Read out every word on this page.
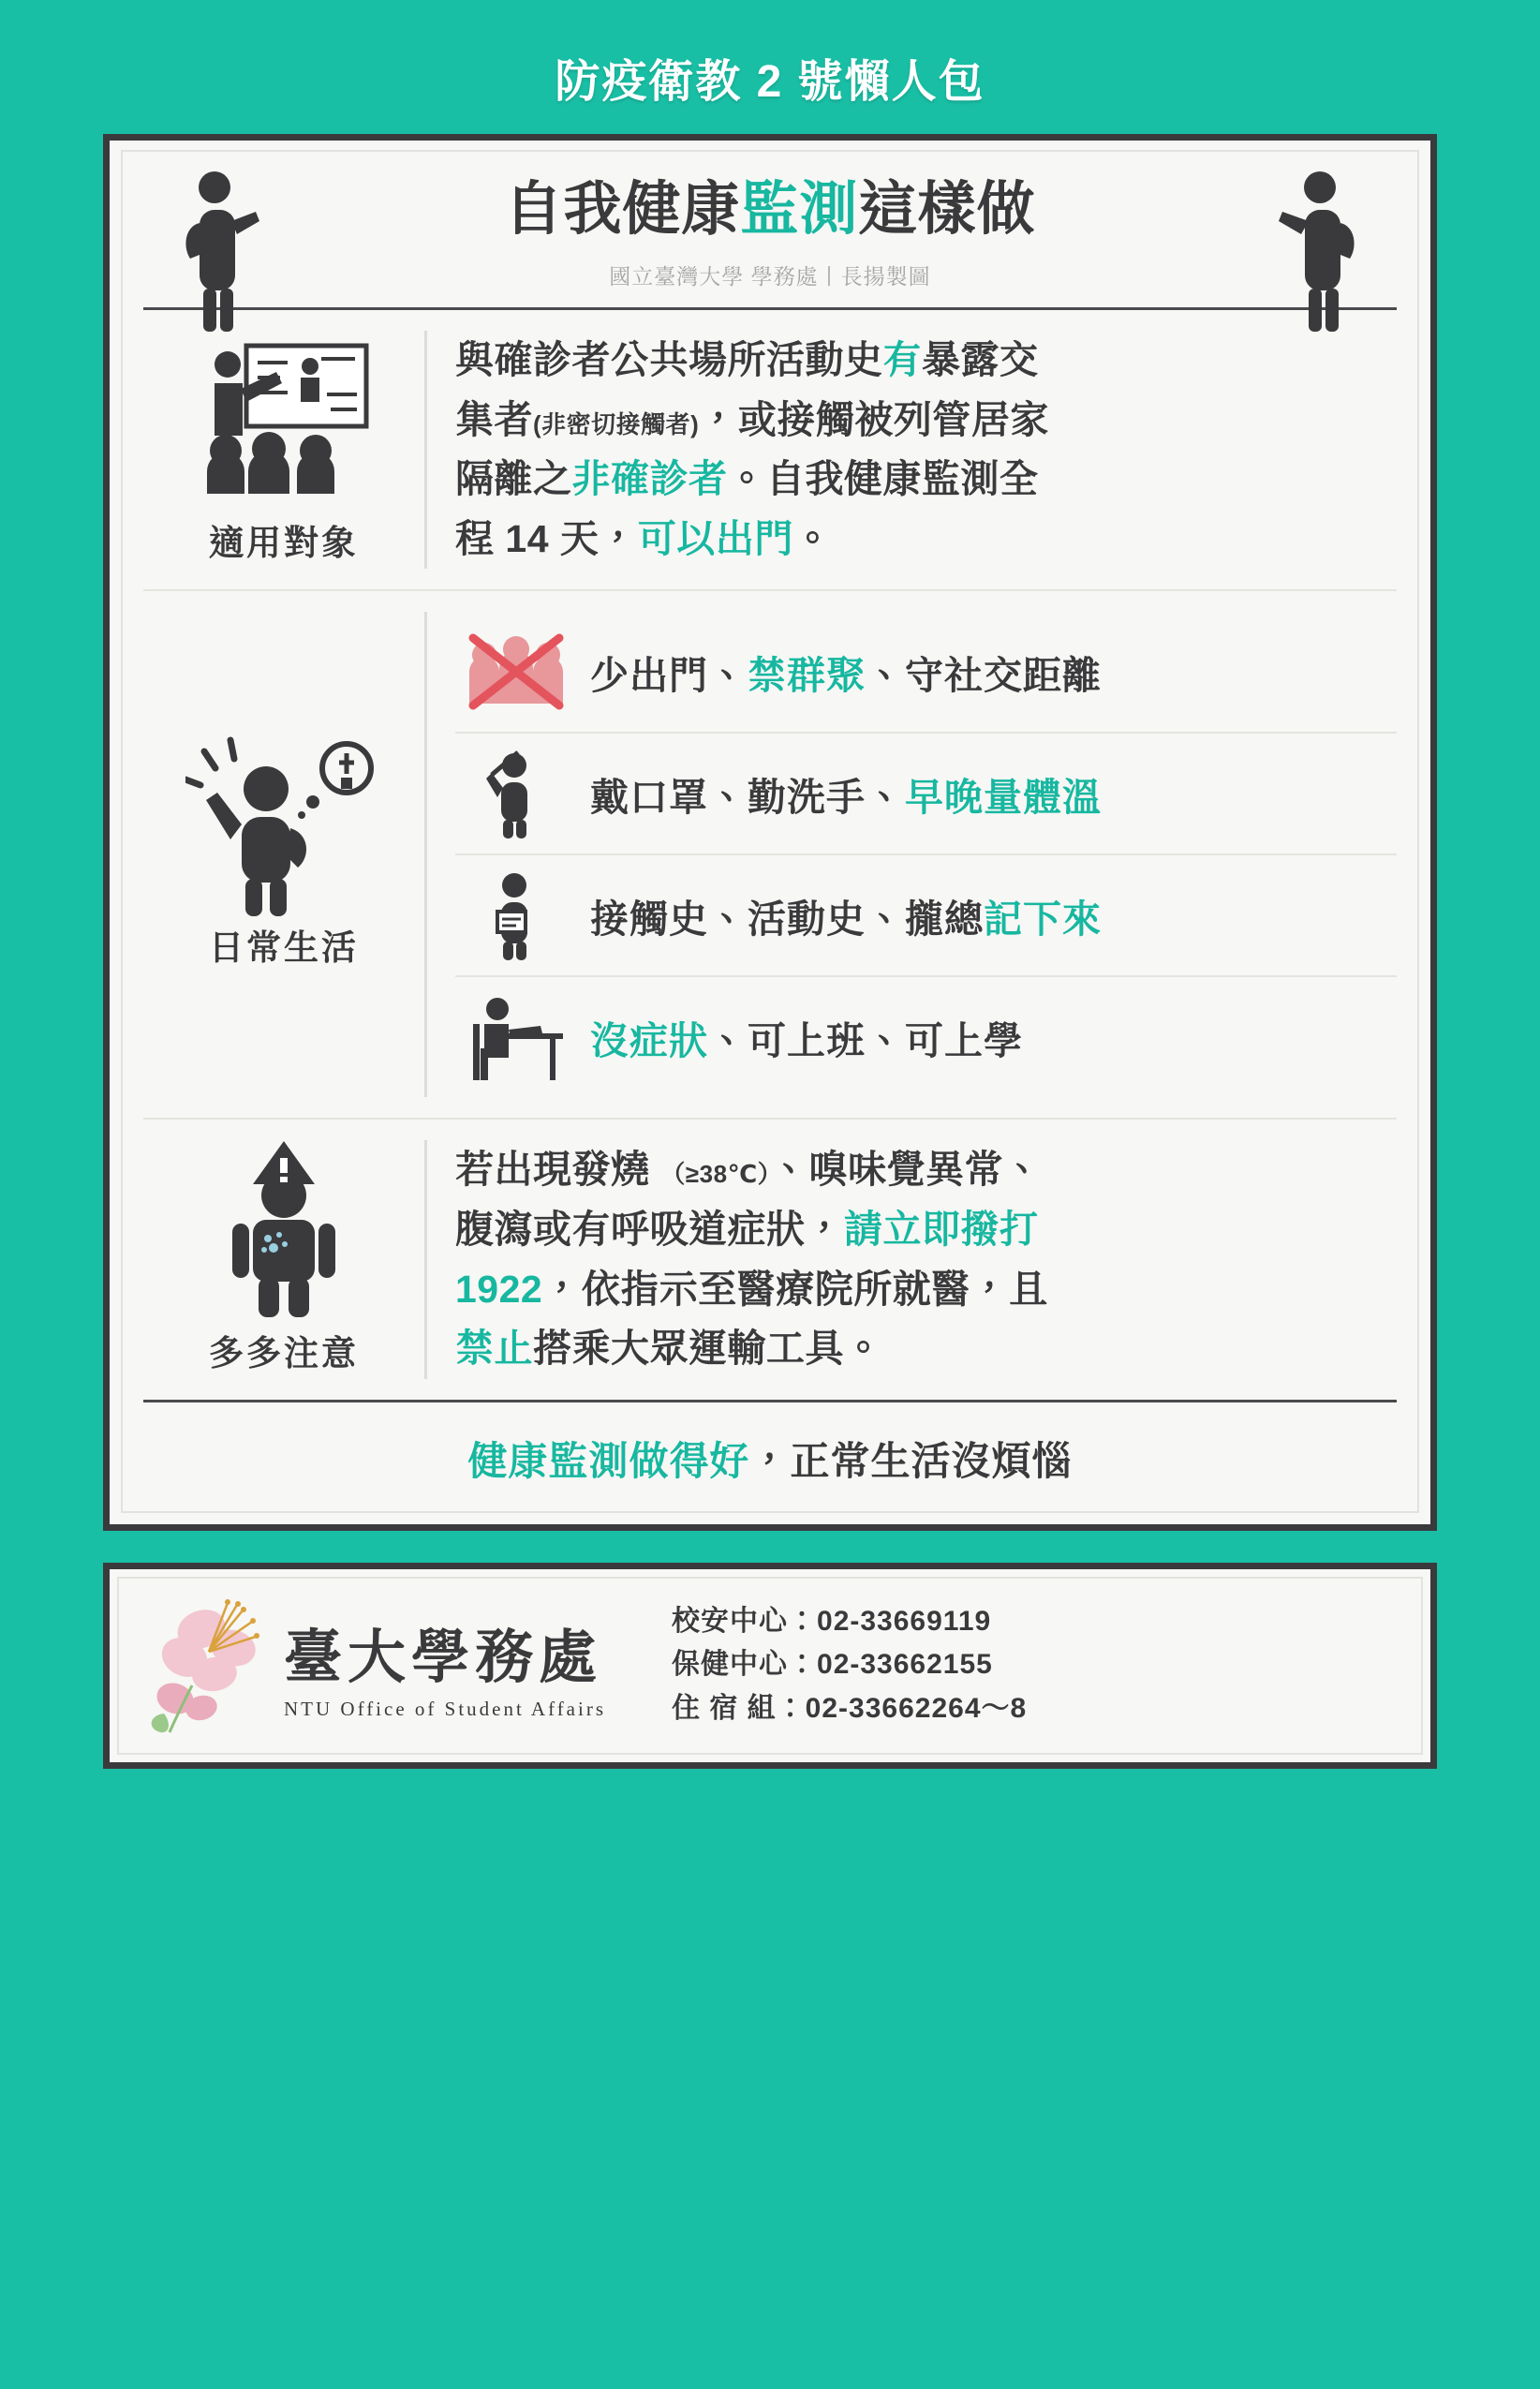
防疫衛教 2 號懶人包
自我健康監測這樣做
國立臺灣大學 學務處丨長揚製圖
適用對象

與確診者公共場所活動史有暴露交

集者(非密切接觸者)，或接觸被列管居家

隔離之非確診者。自我健康監測全

程 14 天，可以出門。

日常生活
少出門、禁群聚、守社交距離
戴口罩、勤洗手、早晚量體溫
接觸史、活動史、攏總記下來
沒症狀、可上班、可上學
多多注意

若出現發燒 （≥38℃）、嗅味覺異常、

腹瀉或有呼吸道症狀，請立即撥打

1922，依指示至醫療院所就醫，且

禁止搭乘大眾運輸工具。

健康監測做得好，正常生活沒煩惱
臺大學務處
NTU Office of Student Affairs
校安中心：02-33669119
保健中心：02-33662155
住 宿 組：02-33662264～8
